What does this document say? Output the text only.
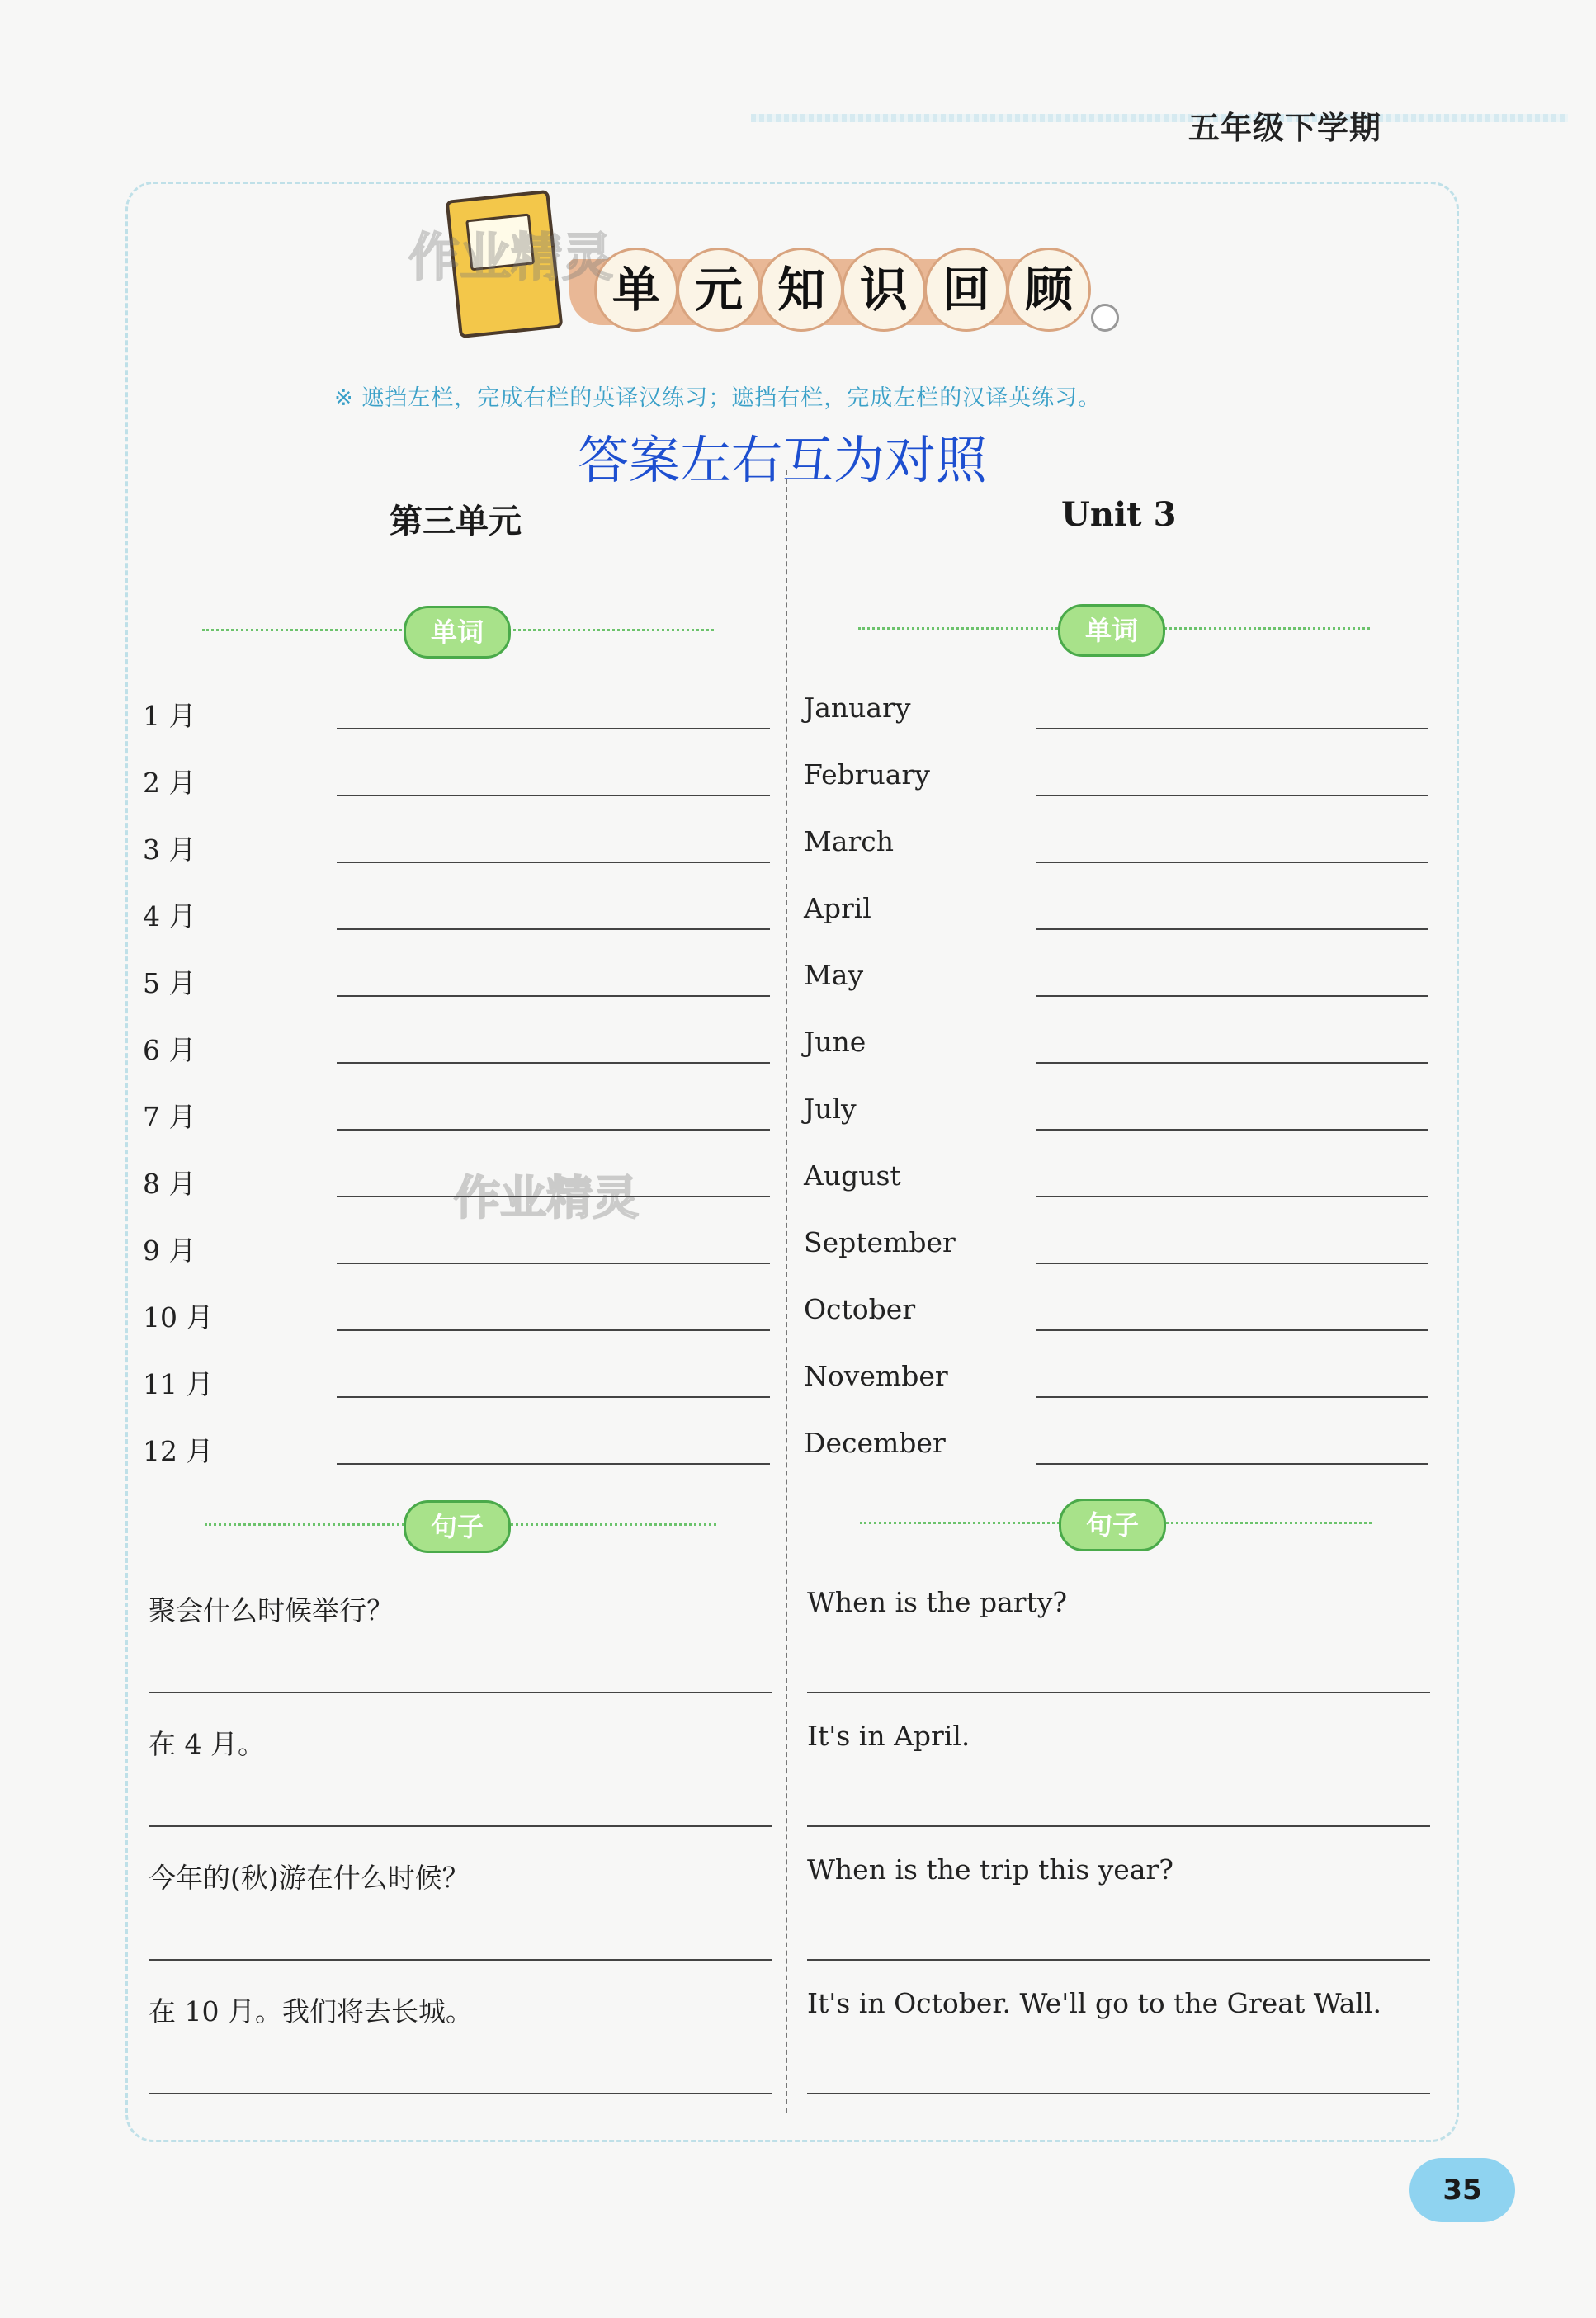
五年级下学期
单 元 知 识 回 顾
作业精灵
作业精灵
※ 遮挡左栏，完成右栏的英译汉练习；遮挡右栏，完成左栏的汉译英练习。
答案左右互为对照
第三单元	Unit 3
单词	单词
句子	句子
1 月	January
2 月	February
3 月	March
4 月	April
5 月	May
6 月	June
7 月	July
8 月	August
9 月	September
10 月	October
11 月	November
12 月	December
聚会什么时候举行？	When is the party?
在 4 月。	It's in April.
今年的(秋)游在什么时候？	When is the trip this year?
在 10 月。我们将去长城。	It's in October. We'll go to the Great Wall.
35
